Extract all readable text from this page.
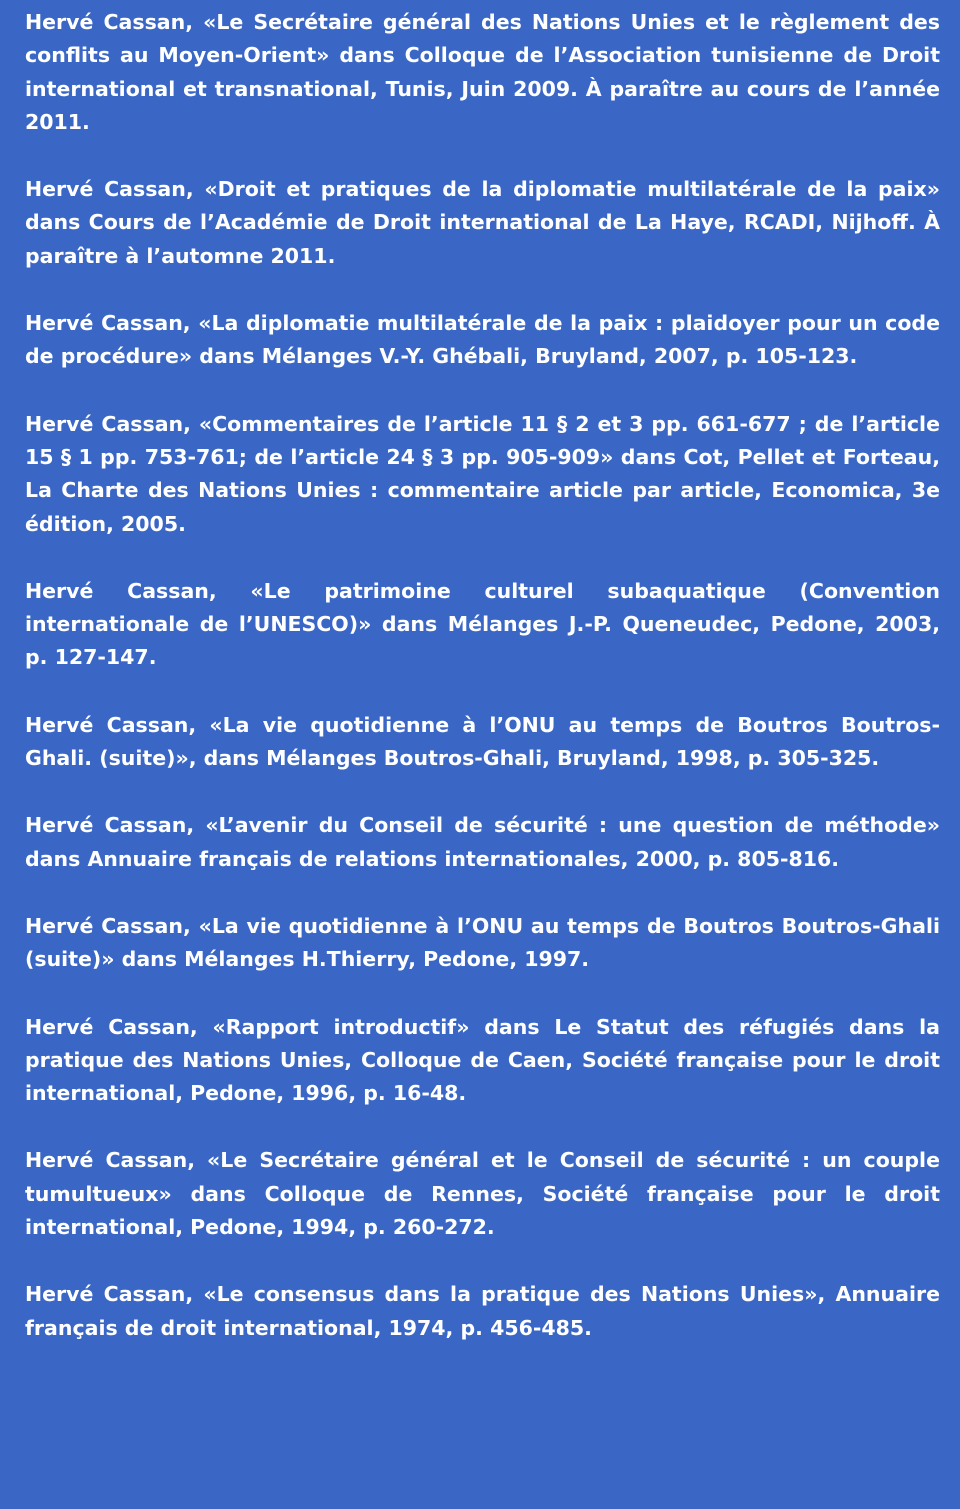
Hervé Cassan, «Le Secrétaire général des Nations Unies et le règlement des conflits au Moyen-Orient» dans Colloque de l’Association tunisienne de Droit international et transnational, Tunis, Juin 2009. À paraître au cours de l’année 2011.
Hervé Cassan, «Droit et pratiques de la diplomatie multilatérale de la paix» dans Cours de l’Académie de Droit international de La Haye, RCADI, Nijhoff. À paraître à l’automne 2011.
Hervé Cassan, «La diplomatie multilatérale de la paix : plaidoyer pour un code de procédure» dans Mélanges V.-Y. Ghébali, Bruyland, 2007, p. 105-123.
Hervé Cassan, «Commentaires de l’article 11 § 2 et 3 pp. 661-677 ; de l’article 15 § 1 pp. 753-761; de l’article 24 § 3 pp. 905-909» dans Cot, Pellet et Forteau, La Charte des Nations Unies : commentaire article par article, Economica, 3e édition, 2005.
Hervé Cassan, «Le patrimoine culturel subaquatique (Convention internationale de l’UNESCO)» dans Mélanges J.-P. Queneudec, Pedone, 2003, p. 127-147.
Hervé Cassan, «La vie quotidienne à l’ONU au temps de Boutros Boutros-Ghali. (suite)», dans Mélanges Boutros-Ghali, Bruyland, 1998, p. 305-325.
Hervé Cassan, «L’avenir du Conseil de sécurité : une question de méthode» dans Annuaire français de relations internationales, 2000, p. 805-816.
Hervé Cassan, «La vie quotidienne à l’ONU au temps de Boutros Boutros-Ghali (suite)» dans Mélanges H.Thierry, Pedone, 1997.
Hervé Cassan, «Rapport introductif» dans Le Statut des réfugiés dans la pratique des Nations Unies, Colloque de Caen, Société française pour le droit international, Pedone, 1996, p. 16-48.
Hervé Cassan, «Le Secrétaire général et le Conseil de sécurité : un couple tumultueux» dans Colloque de Rennes, Société française pour le droit international, Pedone, 1994, p. 260-272.
Hervé Cassan, «Le consensus dans la pratique des Nations Unies», Annuaire français de droit international, 1974, p. 456-485.
